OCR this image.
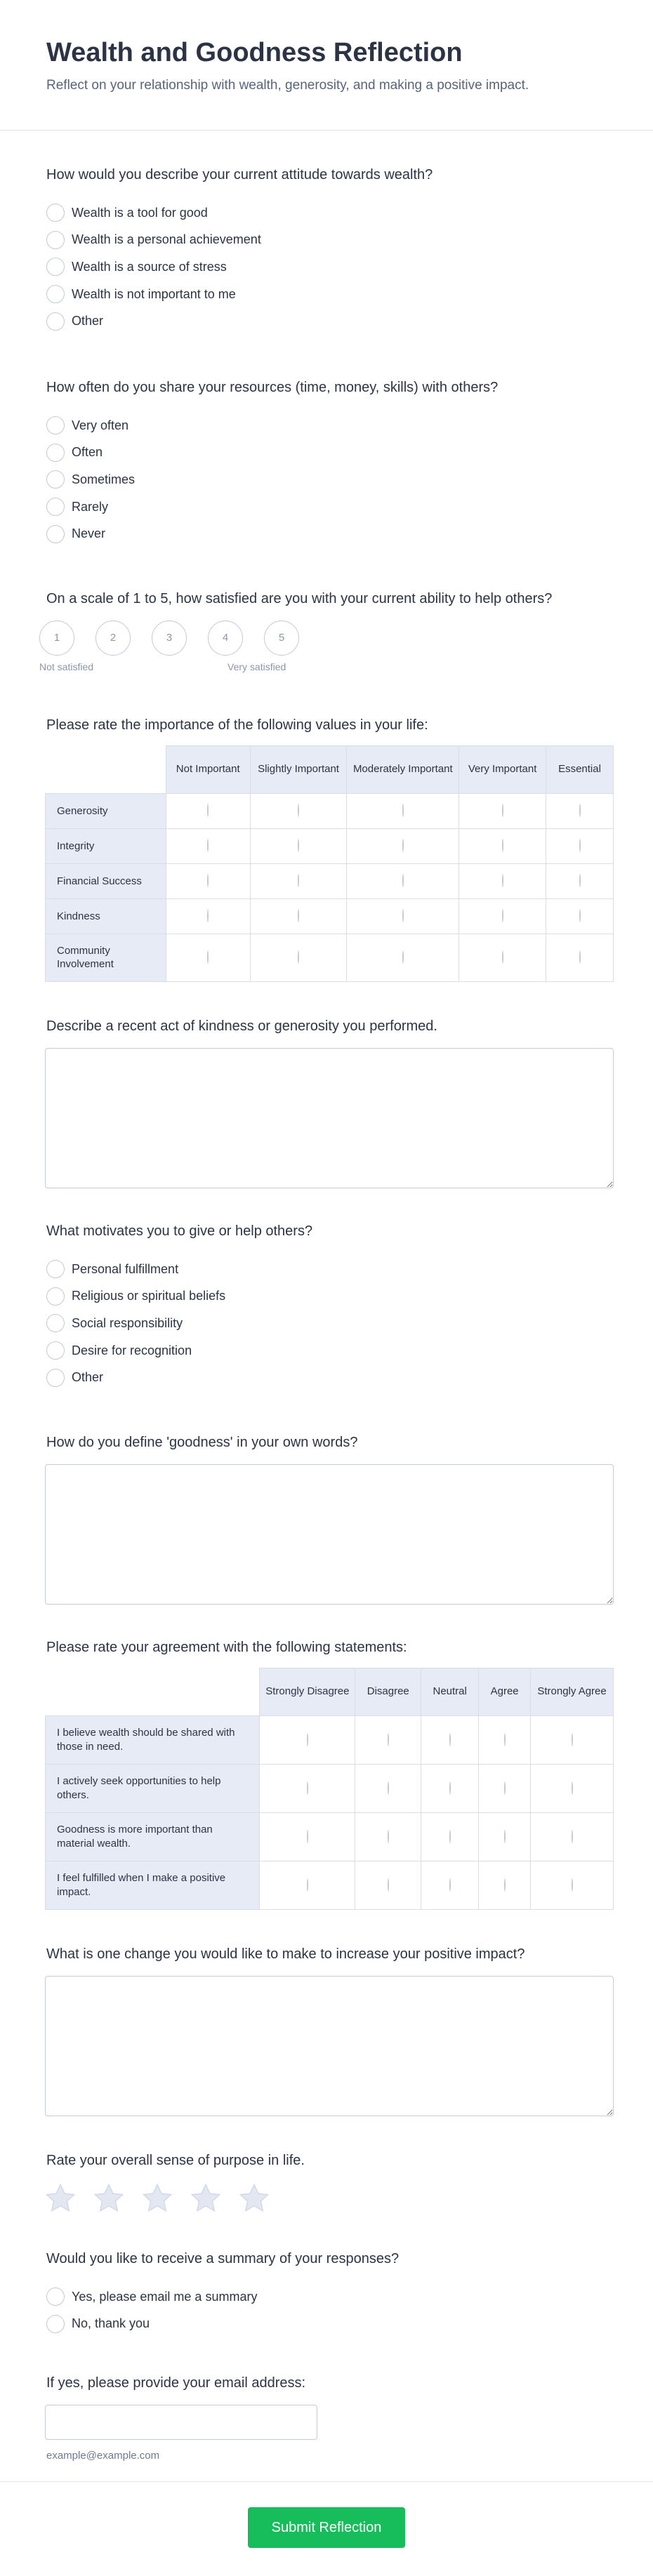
Wealth and Goodness Reflection

Reflect on your relationship with wealth, generosity, and making a positive impact.

How would you describe your current attitude towards wealth?

Wealth is a tool for good
Wealth is a personal achievement
Wealth is a source of stress
Wealth is not important to me
Other

How often do you share your resources (time, money, skills) with others?

Very often
Often
Sometimes
Rarely
Never

On a scale of 1 to 5, how satisfied are you with your current ability to help others?

1	2	3	4	5
Not satisfied	Very satisfied

Please rate the importance of the following values in your life:

	Not Important	Slightly Important	Moderately Important	Very Important	Essential
Generosity					
Integrity					
Financial Success					
Kindness					
Community Involvement					

Describe a recent act of kindness or generosity you performed.

What motivates you to give or help others?

Personal fulfillment
Religious or spiritual beliefs
Social responsibility
Desire for recognition
Other

How do you define 'goodness' in your own words?

Please rate your agreement with the following statements:

	Strongly Disagree	Disagree	Neutral	Agree	Strongly Agree
I believe wealth should be shared with those in need.					
I actively seek opportunities to help others.					
Goodness is more important than material wealth.					
I feel fulfilled when I make a positive impact.					

What is one change you would like to make to increase your positive impact?

Rate your overall sense of purpose in life.

Would you like to receive a summary of your responses?

Yes, please email me a summary
No, thank you

If yes, please provide your email address:

example@example.com
Submit Reflection
